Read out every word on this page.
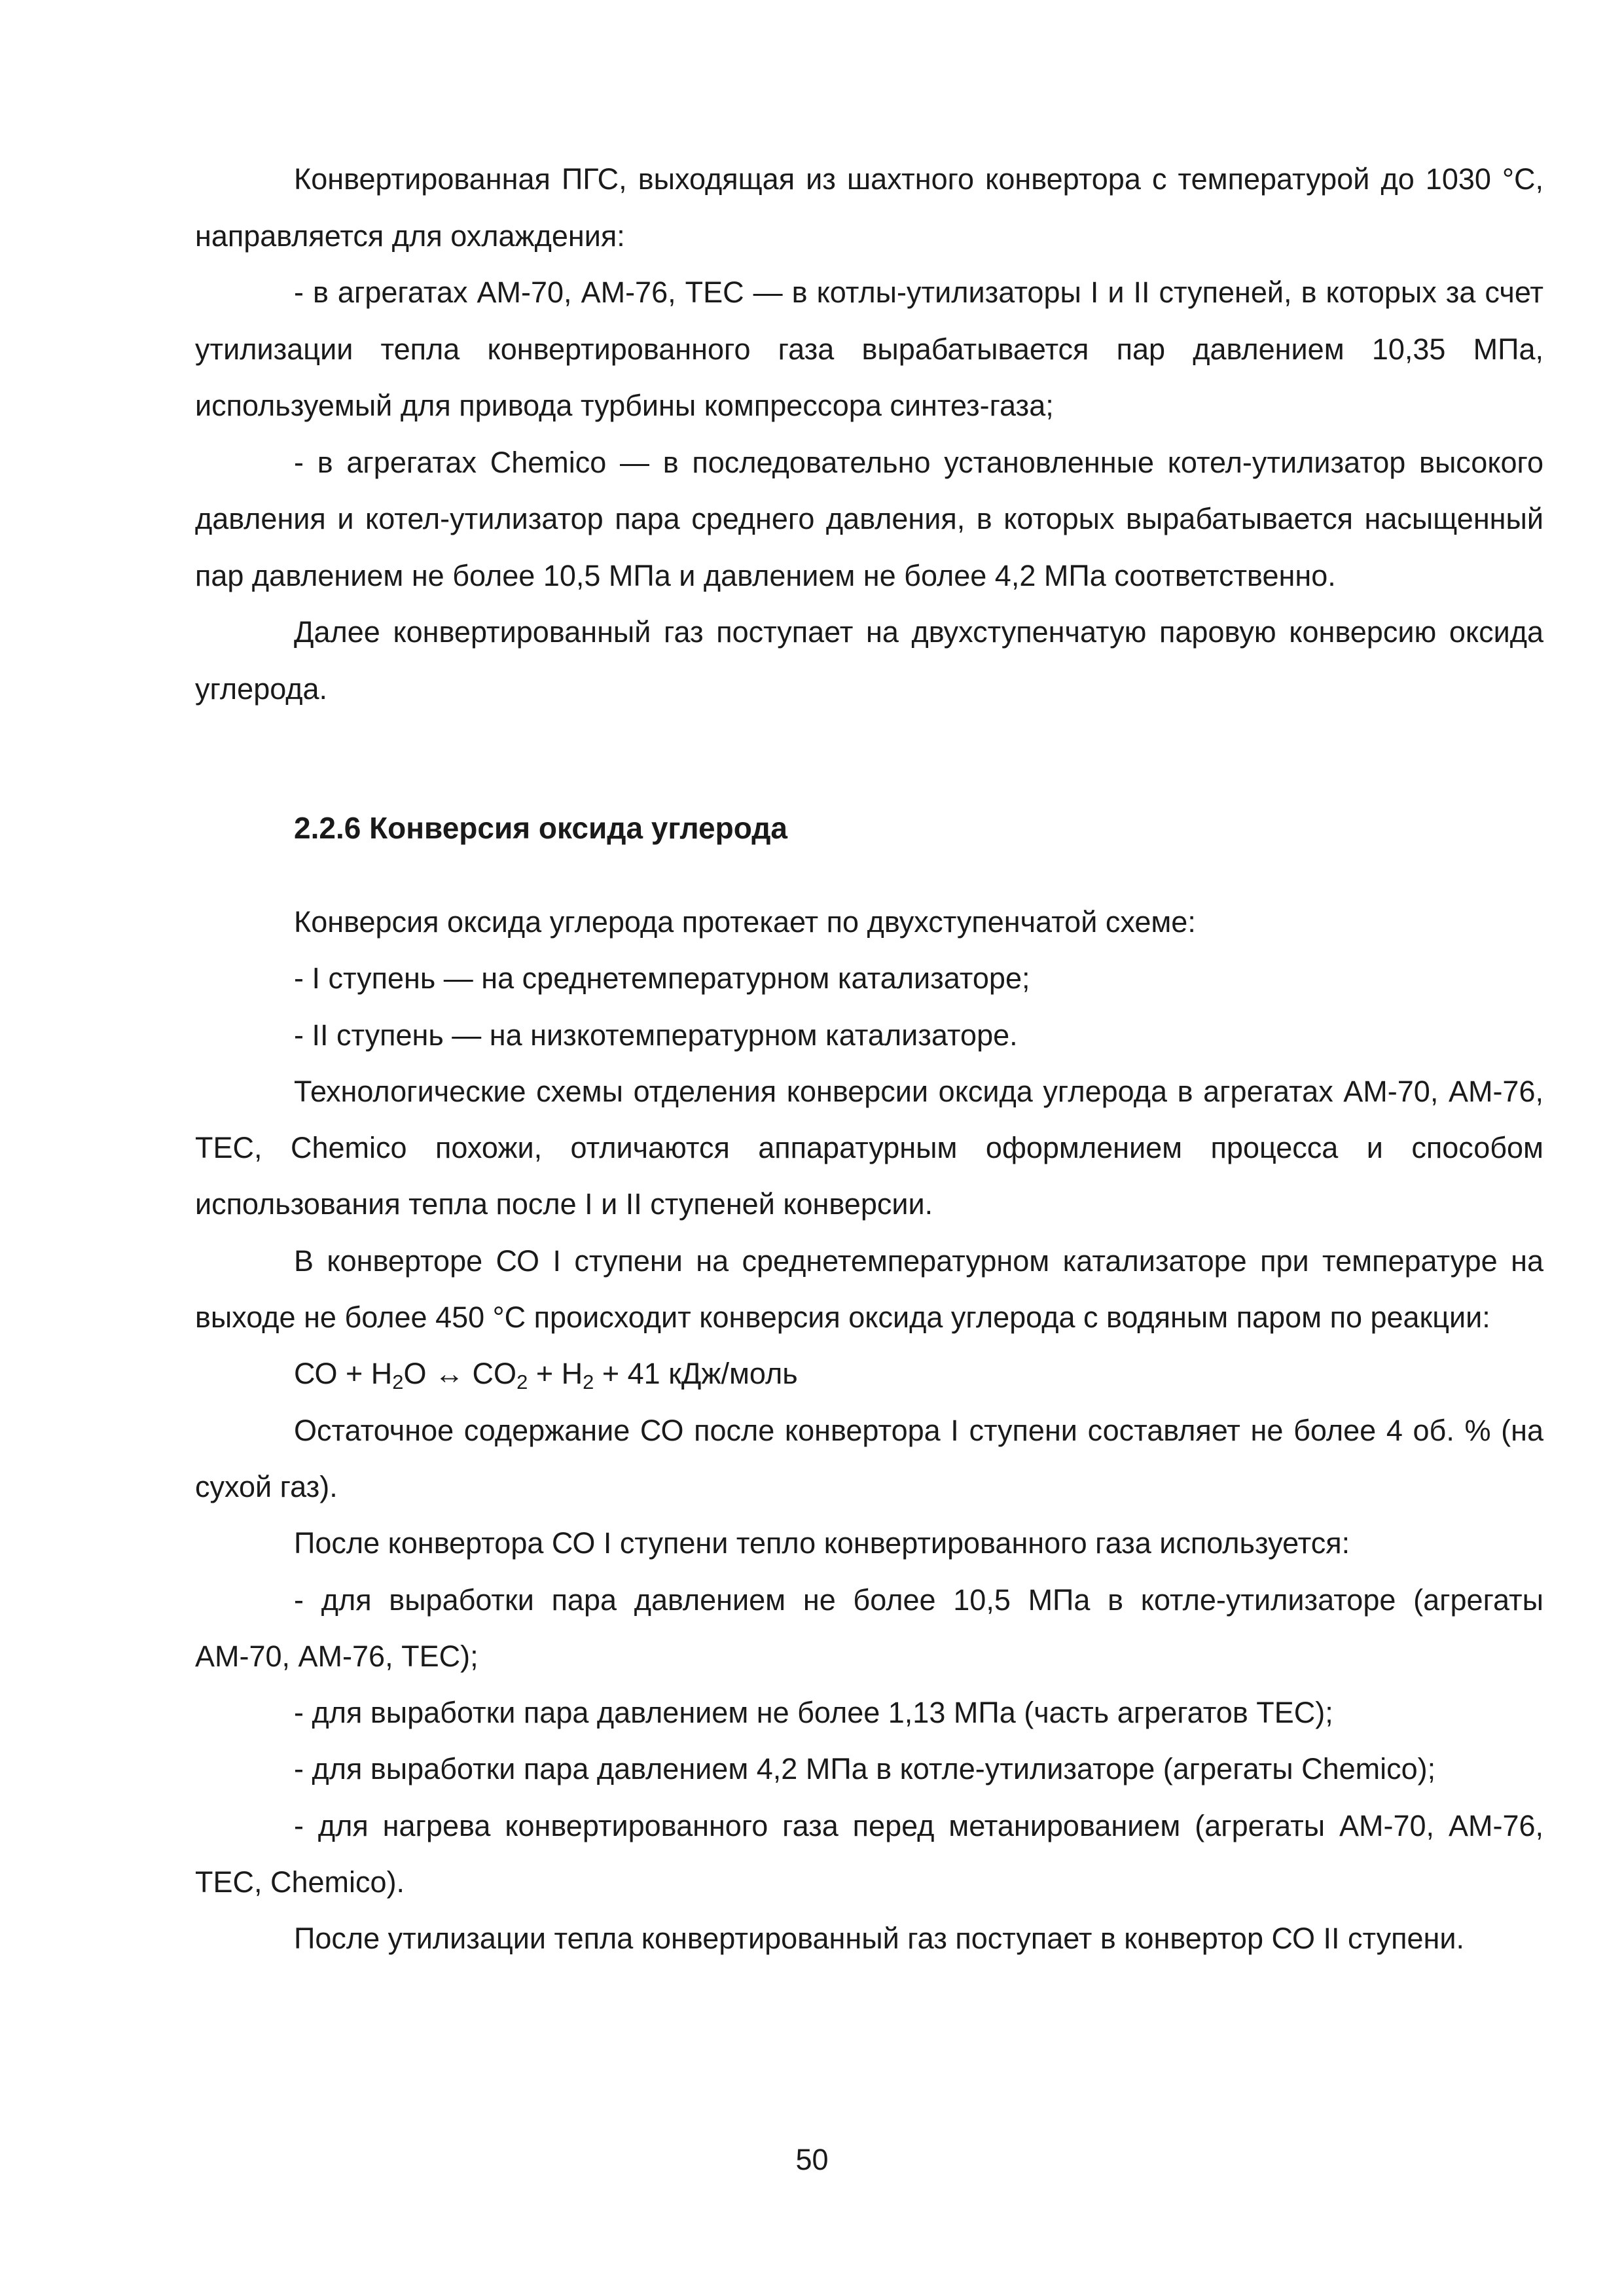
Конвертированная ПГС, выходящая из шахтного конвертора с температурой до 1030 °С, направляется для охлаждения:

- в агрегатах АМ-70, АМ-76, ТЕС — в котлы-утилизаторы I и II ступеней, в которых за счет утилизации тепла конвертированного газа вырабатывается пар давлением 10,35 МПа, используемый для привода турбины компрессора синтез-газа;

- в агрегатах Chemico — в последовательно установленные котел-утилизатор высокого давления и котел-утилизатор пара среднего давления, в которых вырабатывается насыщенный пар давлением не более 10,5 МПа и давлением не более 4,2 МПа соответственно.

Далее конвертированный газ поступает на двухступенчатую паровую конверсию оксида углерода.

2.2.6 Конверсия оксида углерода

Конверсия оксида углерода протекает по двухступенчатой схеме:

- I ступень — на среднетемпературном катализаторе;

- II ступень — на низкотемпературном катализаторе.

Технологические схемы отделения конверсии оксида углерода в агрегатах АМ-70, АМ-76, ТЕС, Chemico похожи, отличаются аппаратурным оформлением процесса и способом использования тепла после I и II ступеней конверсии.

В конверторе СО I ступени на среднетемпературном катализаторе при температуре на выходе не более 450 °С происходит конверсия оксида углерода с водяным паром по реакции:

СО + $H_2O$ ↔ $CO_2 + H_2 + 41$ кДж/моль

Остаточное содержание СО после конвертора I ступени составляет не более 4 об. % (на сухой газ).

После конвертора СО I ступени тепло конвертированного газа используется:

- для выработки пара давлением не более 10,5 МПа в котле-утилизаторе (агрегаты АМ-70, АМ-76, ТЕС);

- для выработки пара давлением не более 1,13 МПа (часть агрегатов ТЕС);

- для выработки пара давлением 4,2 МПа в котле-утилизаторе (агрегаты Chemico);

- для нагрева конвертированного газа перед метанированием (агрегаты АМ-70, АМ-76, ТЕС, Chemico).

После утилизации тепла конвертированный газ поступает в конвертор СО II ступени.

50
